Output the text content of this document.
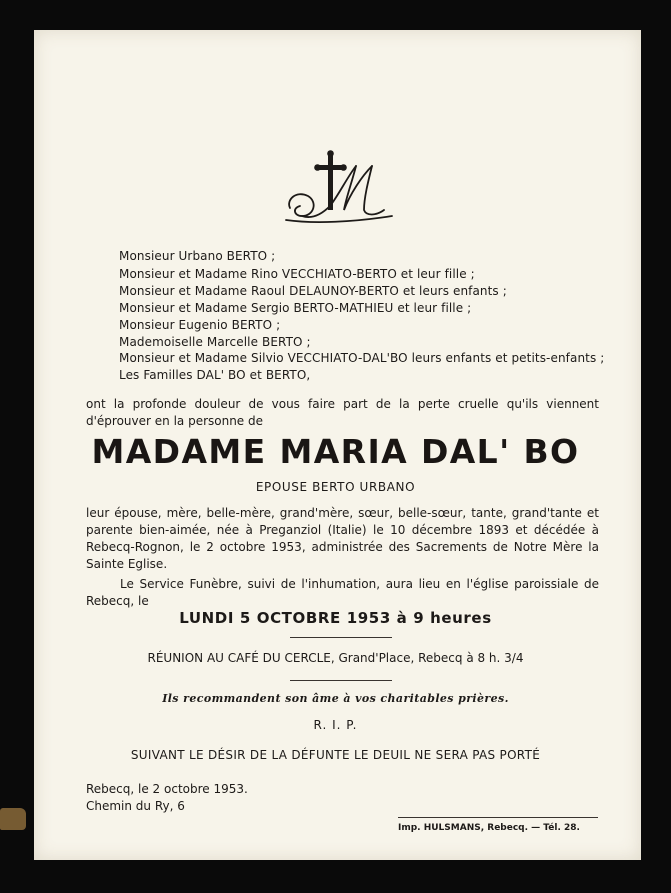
Monsieur Urbano BERTO ;
Monsieur et Madame Rino VECCHIATO-BERTO et leur fille ;
Monsieur et Madame Raoul DELAUNOY-BERTO et leurs enfants ;
Monsieur et Madame Sergio BERTO-MATHIEU et leur fille ;
Monsieur Eugenio BERTO ;
Mademoiselle Marcelle BERTO ;
Monsieur et Madame Silvio VECCHIATO-DAL'BO leurs enfants et petits-enfants ;
Les Familles DAL' BO et BERTO,
ont la profonde douleur de vous faire part de la perte cruelle qu'ils viennent
d'éprouver en la personne de
MADAME MARIA DAL' BO
EPOUSE BERTO URBANO
leur épouse, mère, belle-mère, grand'mère, sœur, belle-sœur, tante, grand'tante et
parente bien-aimée, née à Preganziol (Italie) le 10 décembre 1893 et décédée à
Rebecq-Rognon, le 2 octobre 1953, administrée des Sacrements de Notre Mère la
Sainte Eglise.
Le Service Funèbre, suivi de l'inhumation, aura lieu en l'église paroissiale de
Rebecq, le
LUNDI 5 OCTOBRE 1953 à 9 heures
RÉUNION AU CAFÉ DU CERCLE, Grand'Place, Rebecq à 8 h. 3/4
Ils recommandent son âme à vos charitables prières.
R. I. P.
SUIVANT LE DÉSIR DE LA DÉFUNTE LE DEUIL NE SERA PAS PORTÉ
Rebecq, le 2 octobre 1953.
Chemin du Ry, 6
Imp. HULSMANS, Rebecq. — Tél. 28.
